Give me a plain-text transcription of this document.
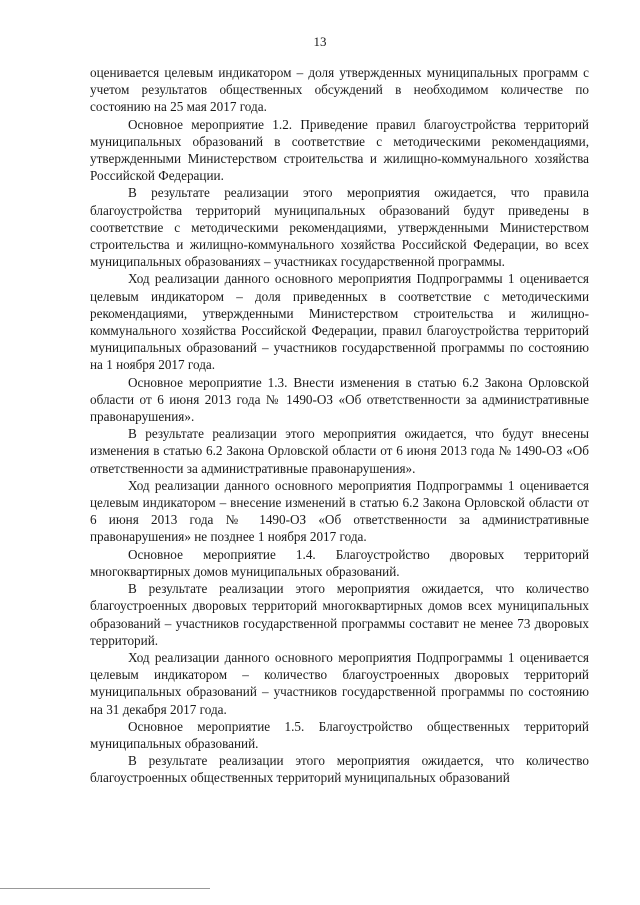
13

оценивается целевым индикатором – доля утвержденных муниципальных программ с учетом результатов общественных обсуждений в необходимом количестве по состоянию на 25 мая 2017 года.

Основное мероприятие 1.2. Приведение правил благоустройства территорий муниципальных образований в соответствие с методическими рекомендациями, утвержденными Министерством строительства и жилищно-коммунального хозяйства Российской Федерации.

В результате реализации этого мероприятия ожидается, что правила благоустройства территорий муниципальных образований будут приведены в соответствие с методическими рекомендациями, утвержденными Министерством строительства и жилищно-коммунального хозяйства Российской Федерации, во всех муниципальных образованиях – участниках государственной программы.

Ход реализации данного основного мероприятия Подпрограммы 1 оценивается целевым индикатором – доля приведенных в соответствие с методическими рекомендациями, утвержденными Министерством строительства и жилищно-коммунального хозяйства Российской Федерации, правил благоустройства территорий муниципальных образований – участников государственной программы по состоянию на 1 ноября 2017 года.

Основное мероприятие 1.3. Внести изменения в статью 6.2 Закона Орловской области от 6 июня 2013 года № 1490-ОЗ «Об ответственности за административные правонарушения».

В результате реализации этого мероприятия ожидается, что будут внесены изменения в статью 6.2 Закона Орловской области от 6 июня 2013 года № 1490-ОЗ «Об ответственности за административные правонарушения».

Ход реализации данного основного мероприятия Подпрограммы 1 оценивается целевым индикатором – внесение изменений в статью 6.2 Закона Орловской области от 6 июня 2013 года № 1490-ОЗ «Об ответственности за административные правонарушения» не позднее 1 ноября 2017 года.

Основное мероприятие 1.4. Благоустройство дворовых территорий многоквартирных домов муниципальных образований.

В результате реализации этого мероприятия ожидается, что количество благоустроенных дворовых территорий многоквартирных домов всех муниципальных образований – участников государственной программы составит не менее 73 дворовых территорий.

Ход реализации данного основного мероприятия Подпрограммы 1 оценивается целевым индикатором – количество благоустроенных дворовых территорий муниципальных образований – участников государственной программы по состоянию на 31 декабря 2017 года.

Основное мероприятие 1.5. Благоустройство общественных территорий муниципальных образований.

В результате реализации этого мероприятия ожидается, что количество благоустроенных общественных территорий муниципальных образований
